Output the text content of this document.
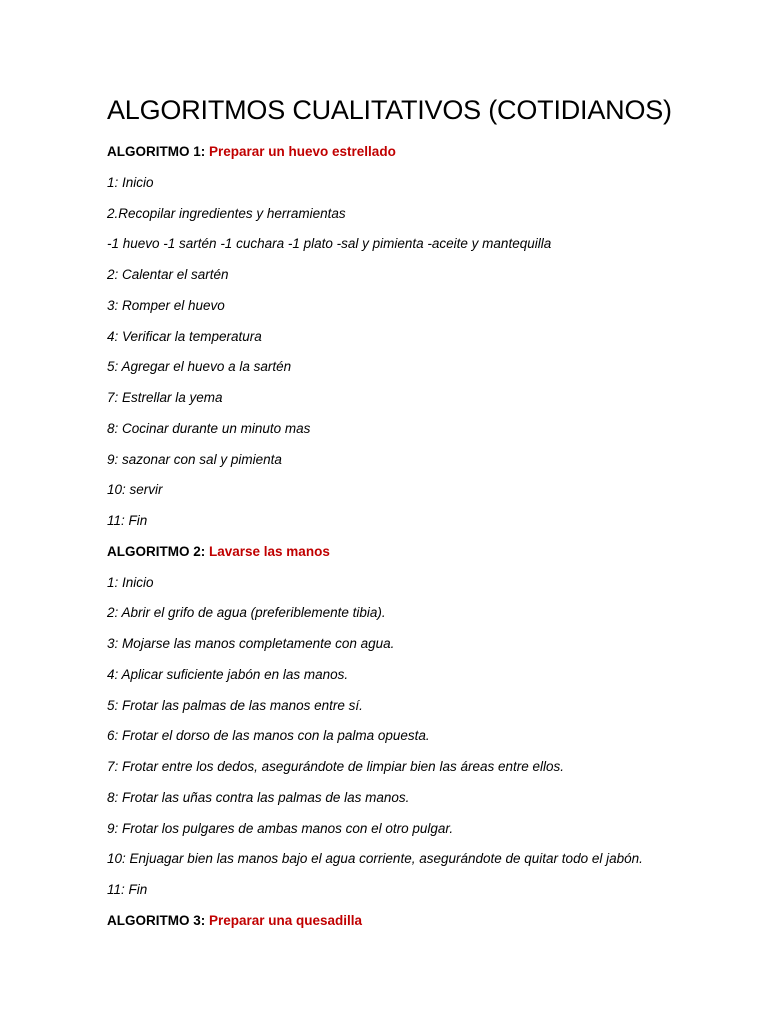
ALGORITMOS CUALITATIVOS (COTIDIANOS)

ALGORITMO 1: Preparar un huevo estrellado

1: Inicio

2.Recopilar ingredientes y herramientas

-1 huevo -1 sartén -1 cuchara -1 plato -sal y pimienta -aceite y mantequilla

2: Calentar el sartén

3: Romper el huevo

4: Verificar la temperatura

5: Agregar el huevo a la sartén

7: Estrellar la yema

8: Cocinar durante un minuto mas

9: sazonar con sal y pimienta

10: servir

11: Fin

ALGORITMO 2: Lavarse las manos

1: Inicio

2: Abrir el grifo de agua (preferiblemente tibia).

3: Mojarse las manos completamente con agua.

4: Aplicar suficiente jabón en las manos.

5: Frotar las palmas de las manos entre sí.

6: Frotar el dorso de las manos con la palma opuesta.

7: Frotar entre los dedos, asegurándote de limpiar bien las áreas entre ellos.

8: Frotar las uñas contra las palmas de las manos.

9: Frotar los pulgares de ambas manos con el otro pulgar.

10: Enjuagar bien las manos bajo el agua corriente, asegurándote de quitar todo el jabón.

11: Fin

ALGORITMO 3: Preparar una quesadilla
